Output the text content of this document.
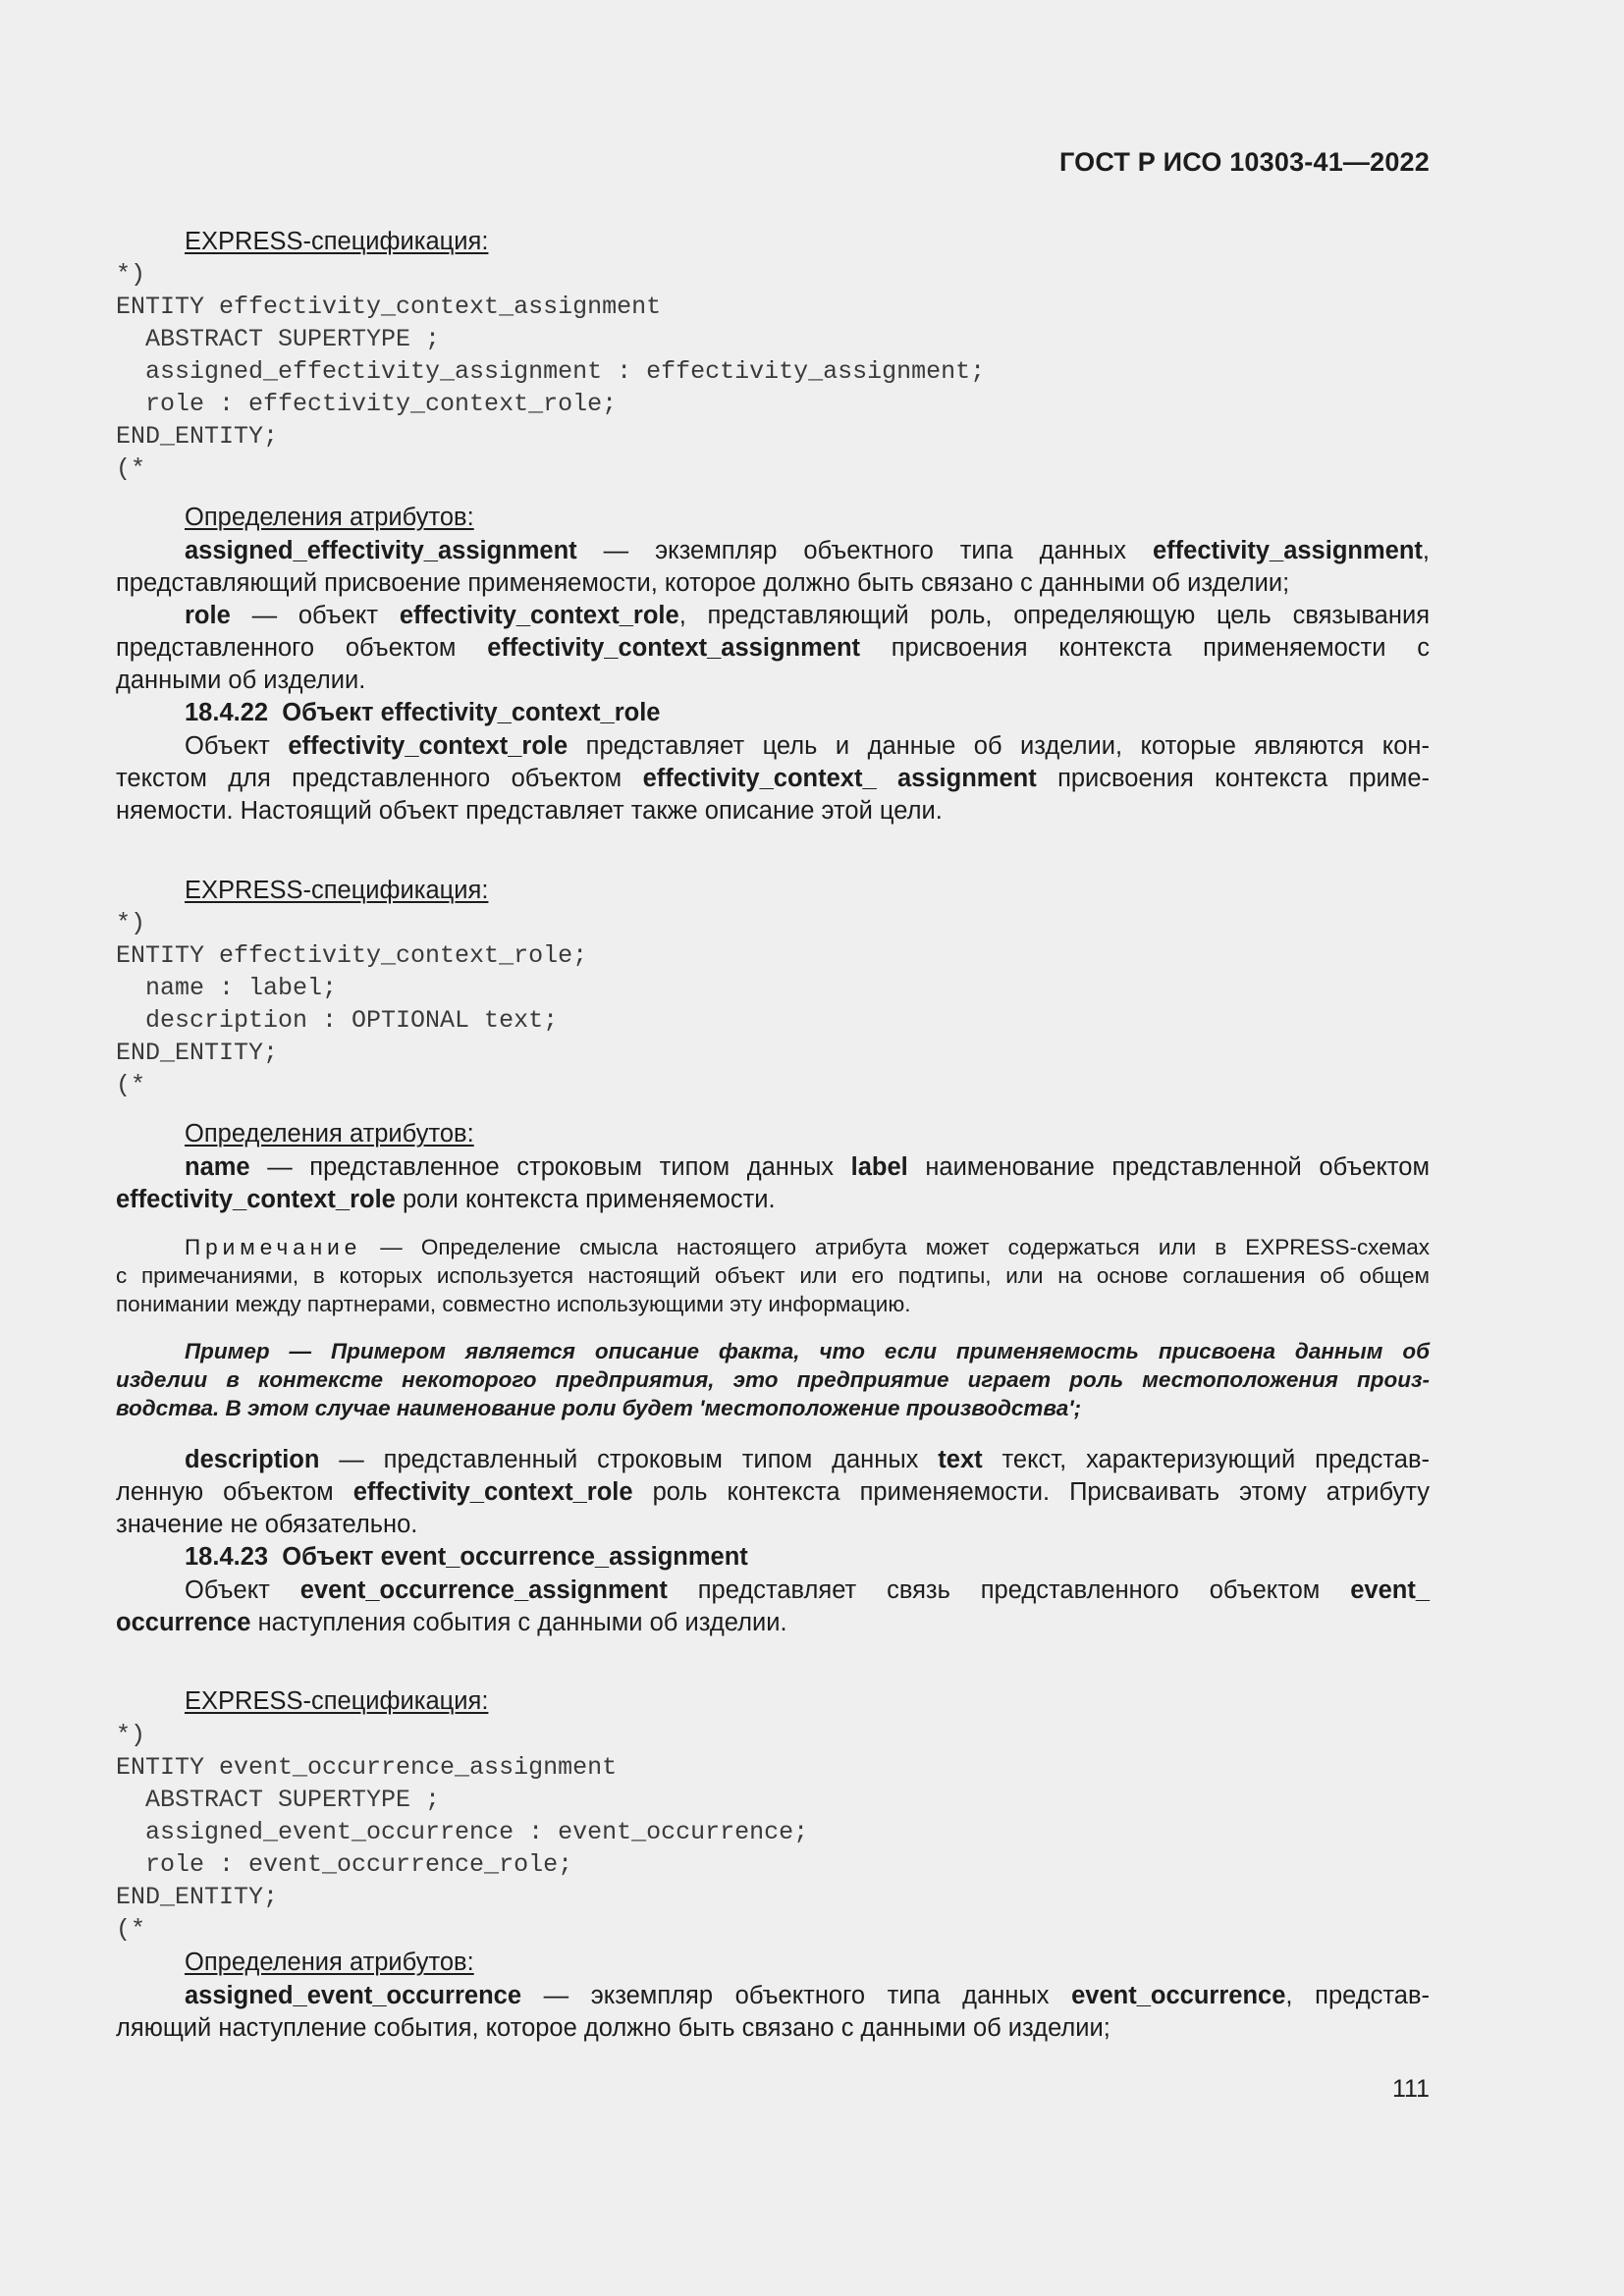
ГОСТ Р ИСО 10303-41—2022
EXPRESS-спецификация:
*)
ENTITY effectivity_context_assignment
ABSTRACT SUPERTYPE ;
assigned_effectivity_assignment : effectivity_assignment;
role : effectivity_context_role;
END_ENTITY;
(*
Определения атрибутов:
assigned_effectivity_assignment — экземпляр объектного типа данных effectivity_assignment,
представляющий присвоение применяемости, которое должно быть связано с данными об изделии;
role — объект effectivity_context_role, представляющий роль, определяющую цель связывания
представленного объектом effectivity_context_assignment присвоения контекста применяемости с
данными об изделии.
18.4.22 Объект effectivity_context_role
Объект effectivity_context_role представляет цель и данные об изделии, которые являются кон-
текстом для представленного объектом effectivity_context_ assignment присвоения контекста приме-
няемости. Настоящий объект представляет также описание этой цели.
EXPRESS-спецификация:
*)
ENTITY effectivity_context_role;
name : label;
description : OPTIONAL text;
END_ENTITY;
(*
Определения атрибутов:
name — представленное строковым типом данных label наименование представленной объектом
effectivity_context_role роли контекста применяемости.
Примечание — Определение смысла настоящего атрибута может содержаться или в EXPRESS-схемах
с примечаниями, в которых используется настоящий объект или его подтипы, или на основе соглашения об общем
понимании между партнерами, совместно использующими эту информацию.
Пример — Примером является описание факта, что если применяемость присвоена данным об
изделии в контексте некоторого предприятия, это предприятие играет роль местоположения произ-
водства. В этом случае наименование роли будет 'местоположение производства';
description — представленный строковым типом данных text текст, характеризующий представ-
ленную объектом effectivity_context_role роль контекста применяемости. Присваивать этому атрибуту
значение не обязательно.
18.4.23 Объект event_occurrence_assignment
Объект event_occurrence_assignment представляет связь представленного объектом event_
occurrence наступления события с данными об изделии.
EXPRESS-спецификация:
*)
ENTITY event_occurrence_assignment
ABSTRACT SUPERTYPE ;
assigned_event_occurrence : event_occurrence;
role : event_occurrence_role;
END_ENTITY;
(*
Определения атрибутов:
assigned_event_occurrence — экземпляр объектного типа данных event_occurrence, представ-
ляющий наступление события, которое должно быть связано с данными об изделии;
111
